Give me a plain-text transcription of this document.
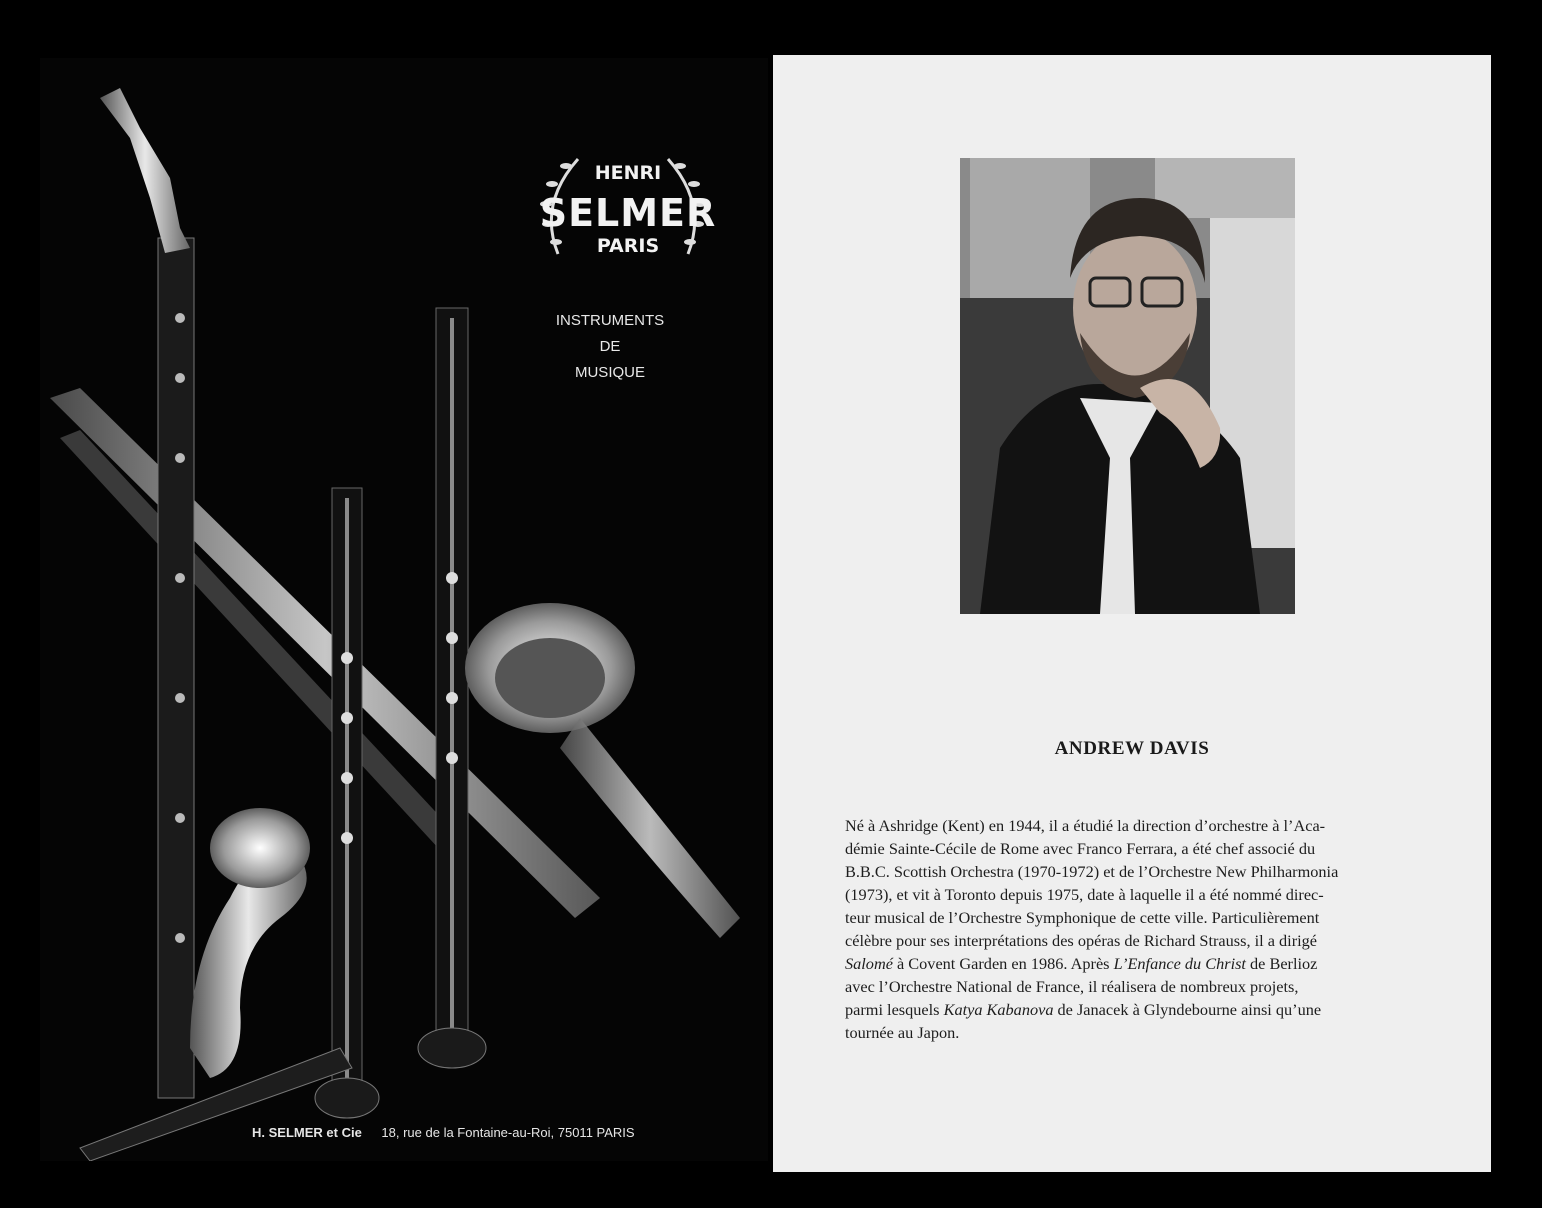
HENRI
SELMER
PARIS
INSTRUMENTS
DE
MUSIQUE
H. SELMER et Cie 18, rue de la Fontaine-au-Roi, 75011 PARIS

ANDREW DAVIS

Né à Ashridge (Kent) en 1944, il a étudié la direction d’orchestre à l’Aca-

démie Sainte-Cécile de Rome avec Franco Ferrara, a été chef associé du

B.B.C. Scottish Orchestra (1970-1972) et de l’Orchestre New Philharmonia

(1973), et vit à Toronto depuis 1975, date à laquelle il a été nommé direc-

teur musical de l’Orchestre Symphonique de cette ville. Particulièrement

célèbre pour ses interprétations des opéras de Richard Strauss, il a dirigé

Salomé à Covent Garden en 1986. Après L’Enfance du Christ de Berlioz

avec l’Orchestre National de France, il réalisera de nombreux projets,

parmi lesquels Katya Kabanova de Janacek à Glyndebourne ainsi qu’une

tournée au Japon.
